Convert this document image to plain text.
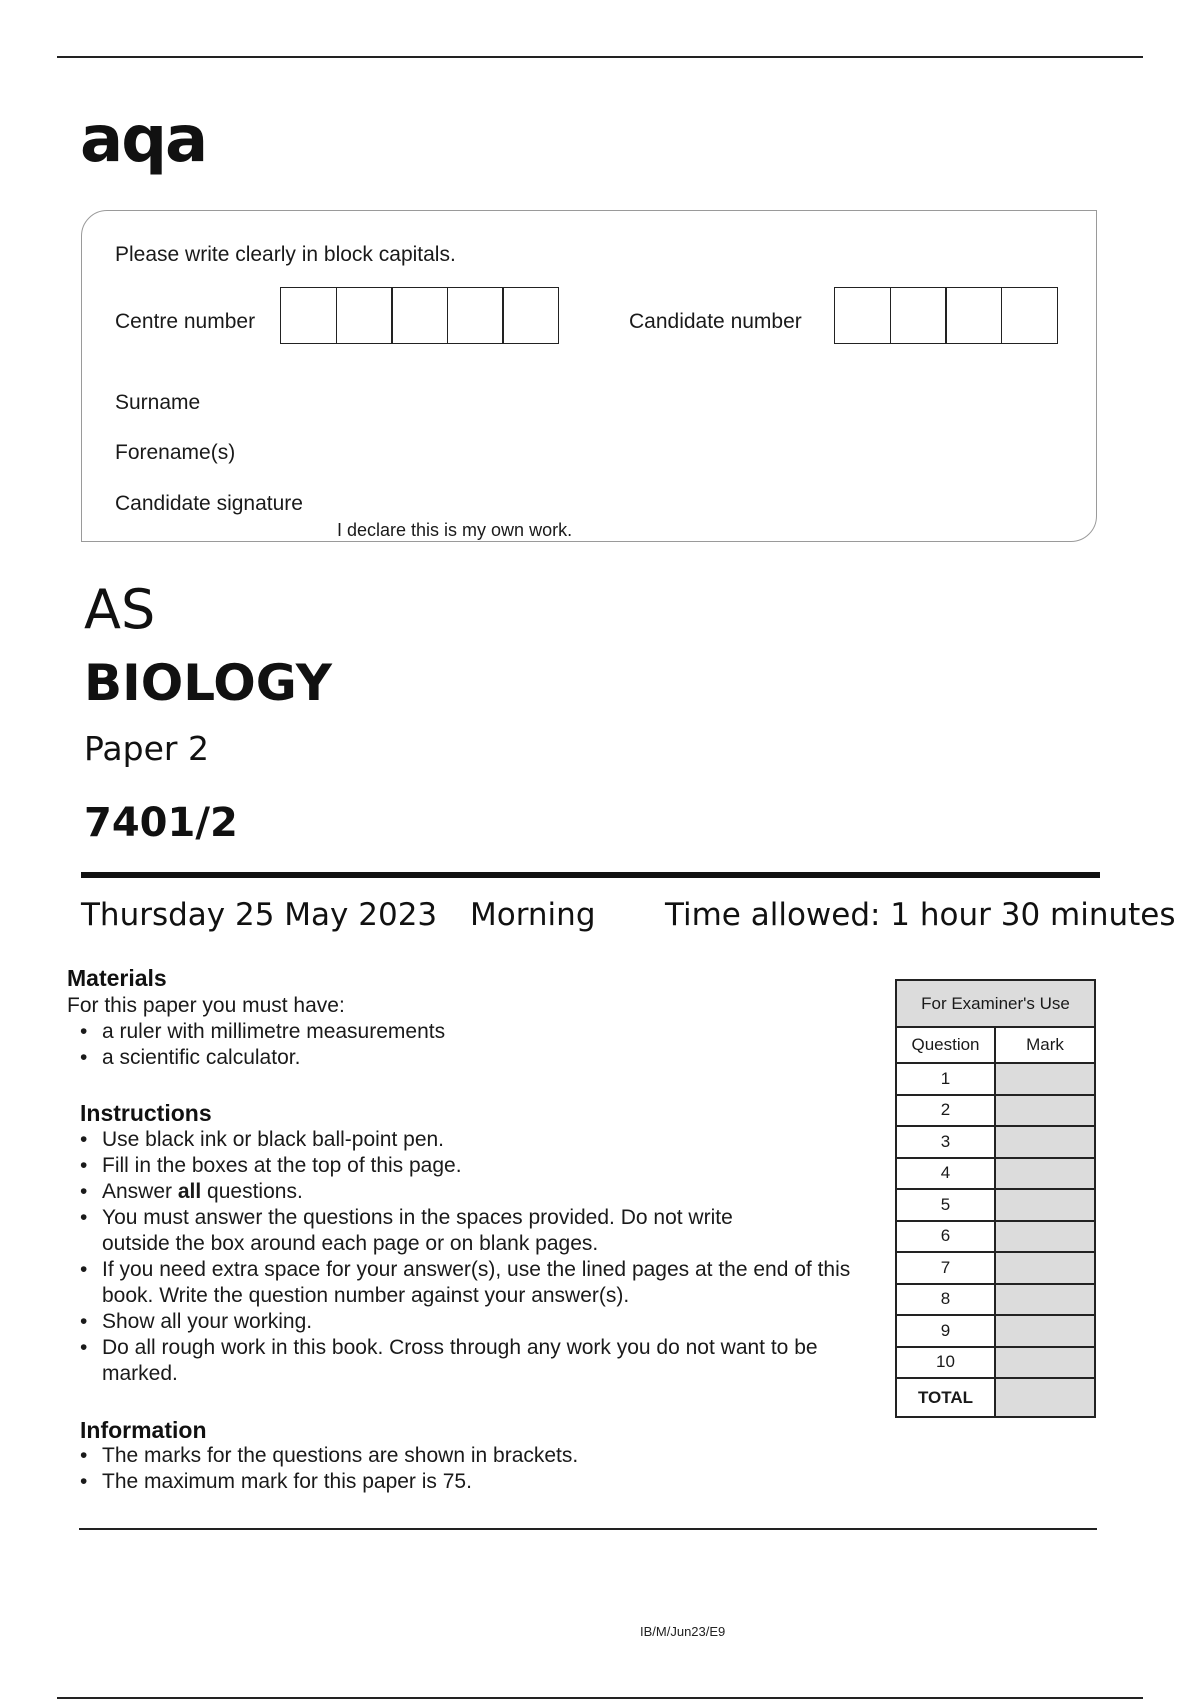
aqa
Please write clearly in block capitals.
Centre number	Candidate number
Surname
Forename(s)
Candidate signature
I declare this is my own work.
AS
BIOLOGY
Paper 2
7401/2
Thursday 25 May 2023 Morning Time allowed: 1 hour 30 minutes
Materials
For this paper you must have:
• a ruler with millimetre measurements
• a scientific calculator.
Instructions
• Use black ink or black ball-point pen.
• Fill in the boxes at the top of this page.
• Answer all questions.
• You must answer the questions in the spaces provided. Do not write outside the box around each page or on blank pages.
• If you need extra space for your answer(s), use the lined pages at the end of this book. Write the question number against your answer(s).
• Show all your working.
• Do all rough work in this book. Cross through any work you do not want to be marked.
Information
• The marks for the questions are shown in brackets.
• The maximum mark for this paper is 75.
For Examiner's Use	
Question	Mark
1	
2	
3	
4	
5	
6	
7	
8	
9	
10	
TOTAL	
IB/M/Jun23/E9
